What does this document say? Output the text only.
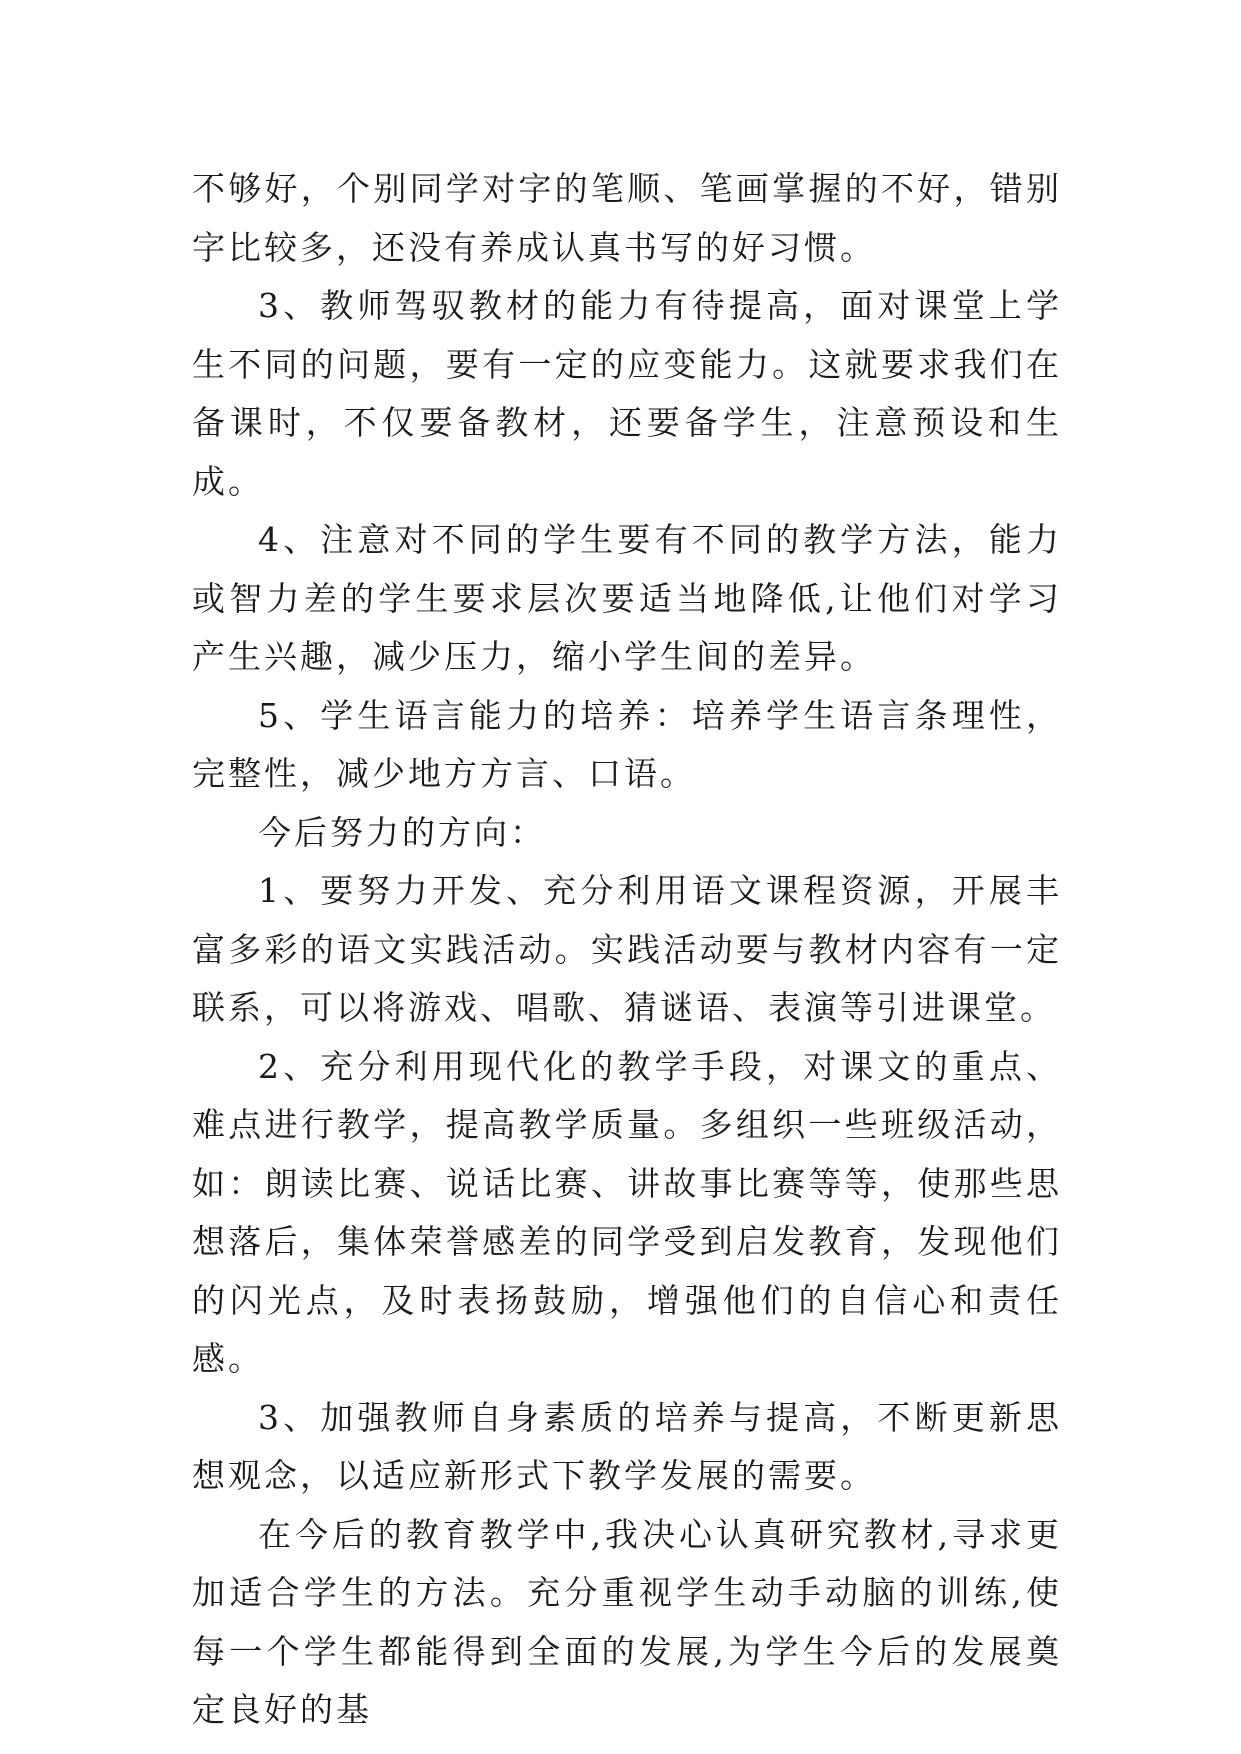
不够好，个别同学对字的笔顺、笔画掌握的不好，错别字比较多，还没有养成认真书写的好习惯。

3、教师驾驭教材的能力有待提高，面对课堂上学生不同的问题，要有一定的应变能力。这就要求我们在备课时，不仅要备教材，还要备学生，注意预设和生成。

4、注意对不同的学生要有不同的教学方法，能力或智力差的学生要求层次要适当地降低,让他们对学习产生兴趣，减少压力，缩小学生间的差异。

5、学生语言能力的培养：培养学生语言条理性，完整性，减少地方方言、口语。

今后努力的方向：

1、要努力开发、充分利用语文课程资源，开展丰富多彩的语文实践活动。实践活动要与教材内容有一定联系，可以将游戏、唱歌、猜谜语、表演等引进课堂。

2、充分利用现代化的教学手段，对课文的重点、难点进行教学，提高教学质量。多组织一些班级活动，如：朗读比赛、说话比赛、讲故事比赛等等，使那些思想落后，集体荣誉感差的同学受到启发教育，发现他们的闪光点，及时表扬鼓励，增强他们的自信心和责任感。

3、加强教师自身素质的培养与提高，不断更新思想观念，以适应新形式下教学发展的需要。

在今后的教育教学中,我决心认真研究教材,寻求更加适合学生的方法。充分重视学生动手动脑的训练,使每一个学生都能得到全面的发展,为学生今后的发展奠定良好的基
